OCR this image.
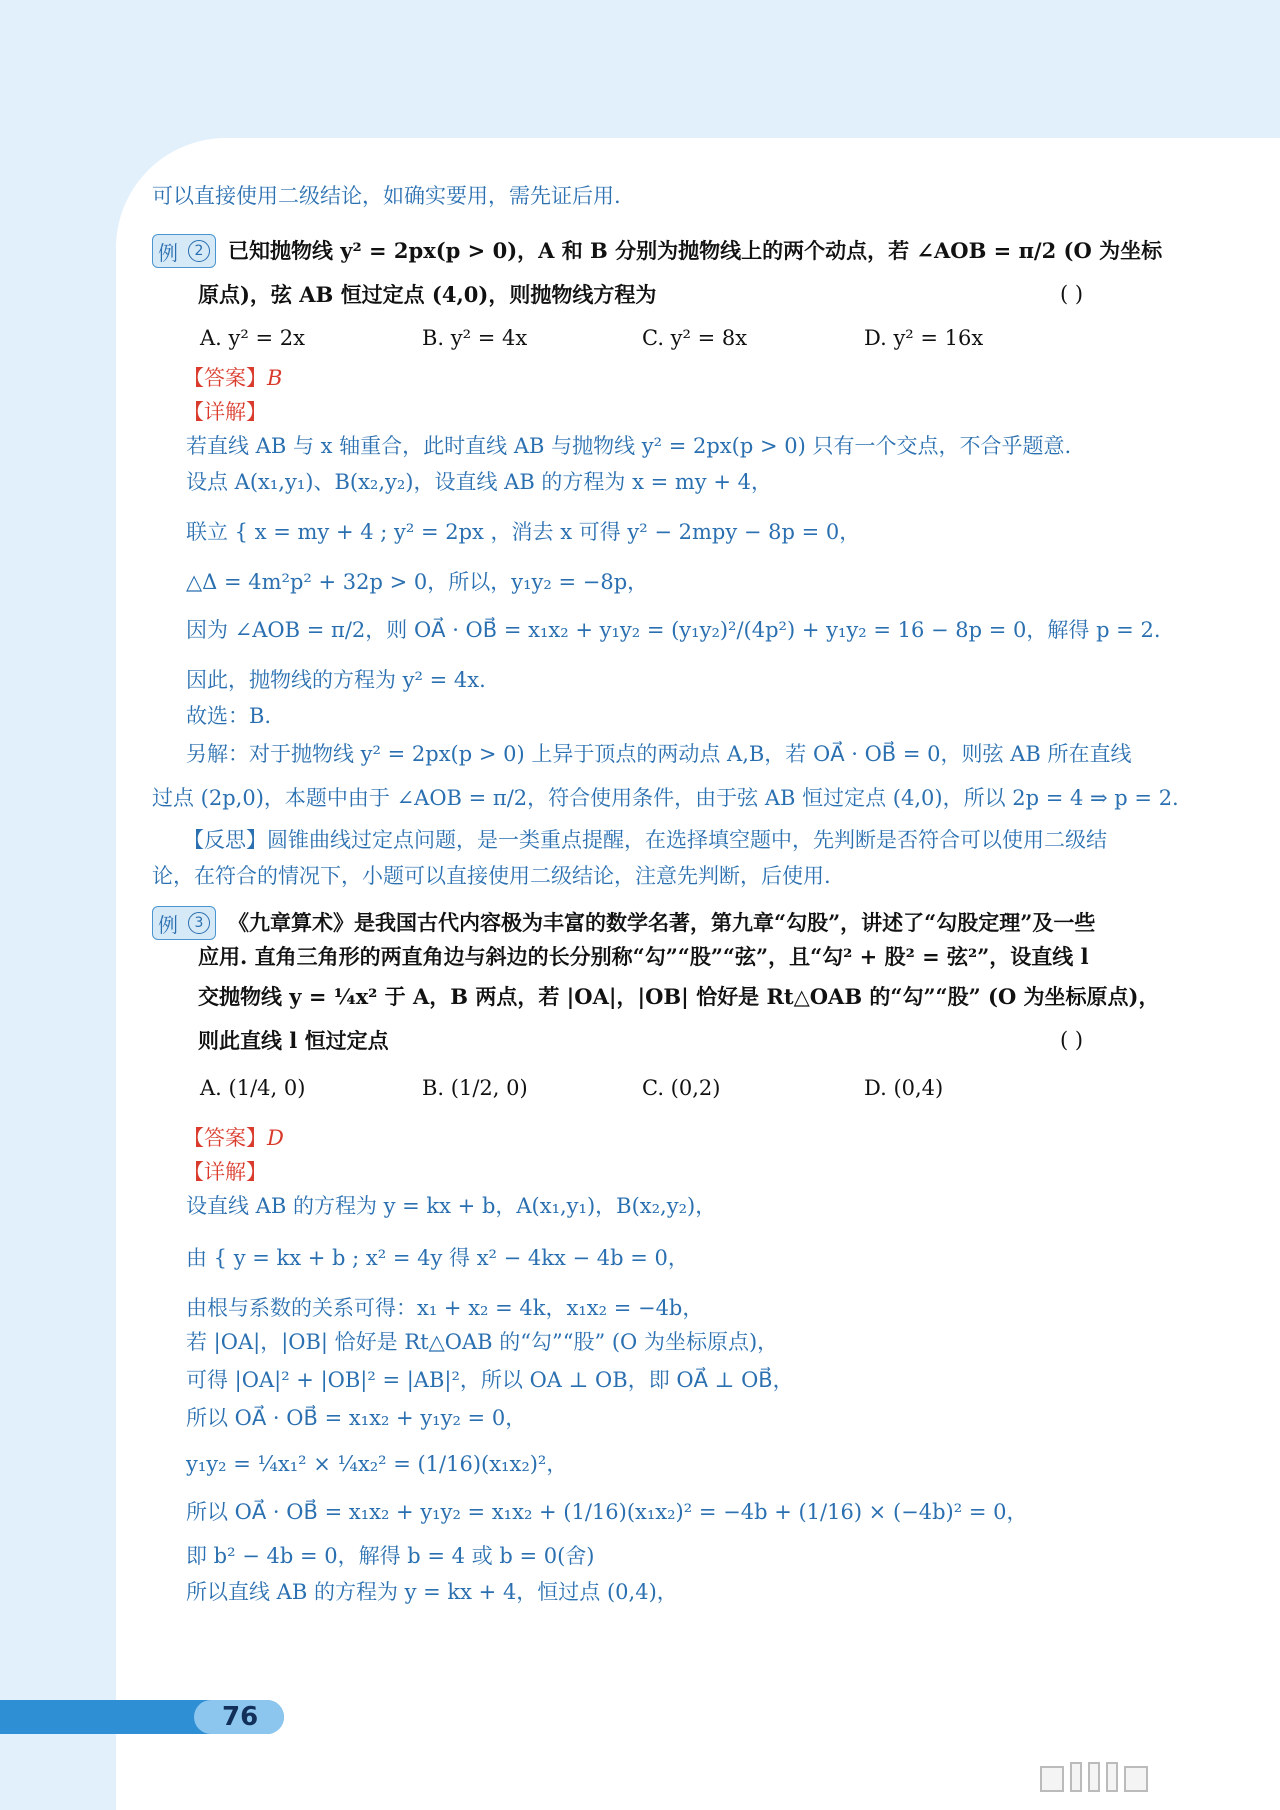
可以直接使用二级结论，如确实要用，需先证后用.
例	2	已知抛物线 y² = 2px(p > 0)，A 和 B 分别为抛物线上的两个动点，若 ∠AOB = π/2 (O 为坐标
原点)，弦 AB 恒过定点 (4,0)，则抛物线方程为	( )
A. y² = 2x	B. y² = 4x	C. y² = 8x	D. y² = 16x
【答案】B
【详解】
若直线 AB 与 x 轴重合，此时直线 AB 与抛物线 y² = 2px(p > 0) 只有一个交点，不合乎题意.
设点 A(x₁,y₁)、B(x₂,y₂)，设直线 AB 的方程为 x = my + 4，
联立 { x = my + 4 ; y² = 2px ，消去 x 可得 y² − 2mpy − 8p = 0，
△Δ = 4m²p² + 32p > 0，所以，y₁y₂ = −8p，
因为 ∠AOB = π/2，则 OA⃗ · OB⃗ = x₁x₂ + y₁y₂ = (y₁y₂)²/(4p²) + y₁y₂ = 16 − 8p = 0，解得 p = 2.
因此，抛物线的方程为 y² = 4x.
故选：B.
另解：对于抛物线 y² = 2px(p > 0) 上异于顶点的两动点 A,B，若 OA⃗ · OB⃗ = 0，则弦 AB 所在直线
过点 (2p,0)，本题中由于 ∠AOB = π/2，符合使用条件，由于弦 AB 恒过定点 (4,0)，所以 2p = 4 ⇒ p = 2.
【反思】圆锥曲线过定点问题，是一类重点提醒，在选择填空题中，先判断是否符合可以使用二级结
论，在符合的情况下，小题可以直接使用二级结论，注意先判断，后使用.
例	3	《九章算术》是我国古代内容极为丰富的数学名著，第九章“勾股”，讲述了“勾股定理”及一些
应用. 直角三角形的两直角边与斜边的长分别称“勾”“股”“弦”，且“勾² + 股² = 弦²”，设直线 l
交抛物线 y = ¼x² 于 A，B 两点，若 |OA|，|OB| 恰好是 Rt△OAB 的“勾”“股” (O 为坐标原点)，
则此直线 l 恒过定点	( )
A. (1/4, 0)	B. (1/2, 0)	C. (0,2)	D. (0,4)
【答案】D
【详解】
设直线 AB 的方程为 y = kx + b，A(x₁,y₁)，B(x₂,y₂)，
由 { y = kx + b ; x² = 4y 得 x² − 4kx − 4b = 0，
由根与系数的关系可得：x₁ + x₂ = 4k，x₁x₂ = −4b，
若 |OA|，|OB| 恰好是 Rt△OAB 的“勾”“股” (O 为坐标原点)，
可得 |OA|² + |OB|² = |AB|²，所以 OA ⊥ OB，即 OA⃗ ⊥ OB⃗，
所以 OA⃗ · OB⃗ = x₁x₂ + y₁y₂ = 0，
y₁y₂ = ¼x₁² × ¼x₂² = (1/16)(x₁x₂)²，
所以 OA⃗ · OB⃗ = x₁x₂ + y₁y₂ = x₁x₂ + (1/16)(x₁x₂)² = −4b + (1/16) × (−4b)² = 0，
即 b² − 4b = 0，解得 b = 4 或 b = 0(舍)
所以直线 AB 的方程为 y = kx + 4，恒过点 (0,4)，
76
